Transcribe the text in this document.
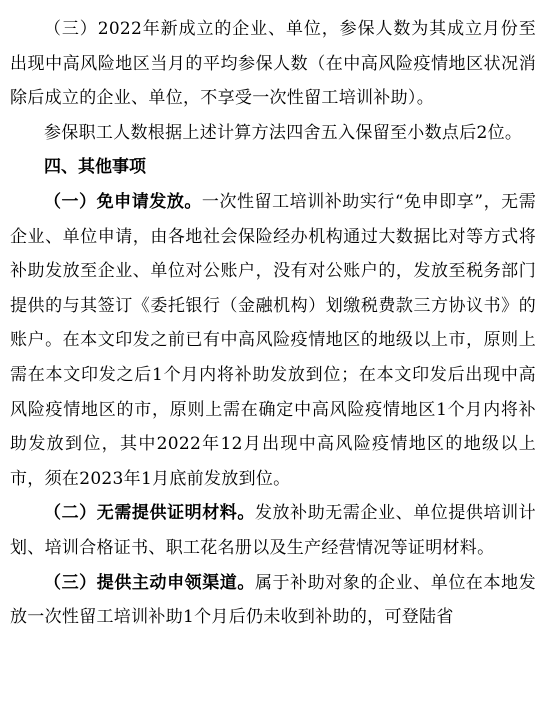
（三）2022年新成立的企业、单位，参保人数为其成立月份至出现中高风险地区当月的平均参保人数（在中高风险疫情地区状况消除后成立的企业、单位，不享受一次性留工培训补助）。

参保职工人数根据上述计算方法四舍五入保留至小数点后2位。

四、其他事项

（一）免申请发放。一次性留工培训补助实行“免申即享”，无需企业、单位申请，由各地社会保险经办机构通过大数据比对等方式将补助发放至企业、单位对公账户，没有对公账户的，发放至税务部门提供的与其签订《委托银行（金融机构）划缴税费款三方协议书》的账户。在本文印发之前已有中高风险疫情地区的地级以上市，原则上需在本文印发之后1个月内将补助发放到位；在本文印发后出现中高风险疫情地区的市，原则上需在确定中高风险疫情地区1个月内将补助发放到位，其中2022年12月出现中高风险疫情地区的地级以上市，须在2023年1月底前发放到位。

（二）无需提供证明材料。发放补助无需企业、单位提供培训计划、培训合格证书、职工花名册以及生产经营情况等证明材料。

（三）提供主动申领渠道。属于补助对象的企业、单位在本地发放一次性留工培训补助1个月后仍未收到补助的，可登陆省
